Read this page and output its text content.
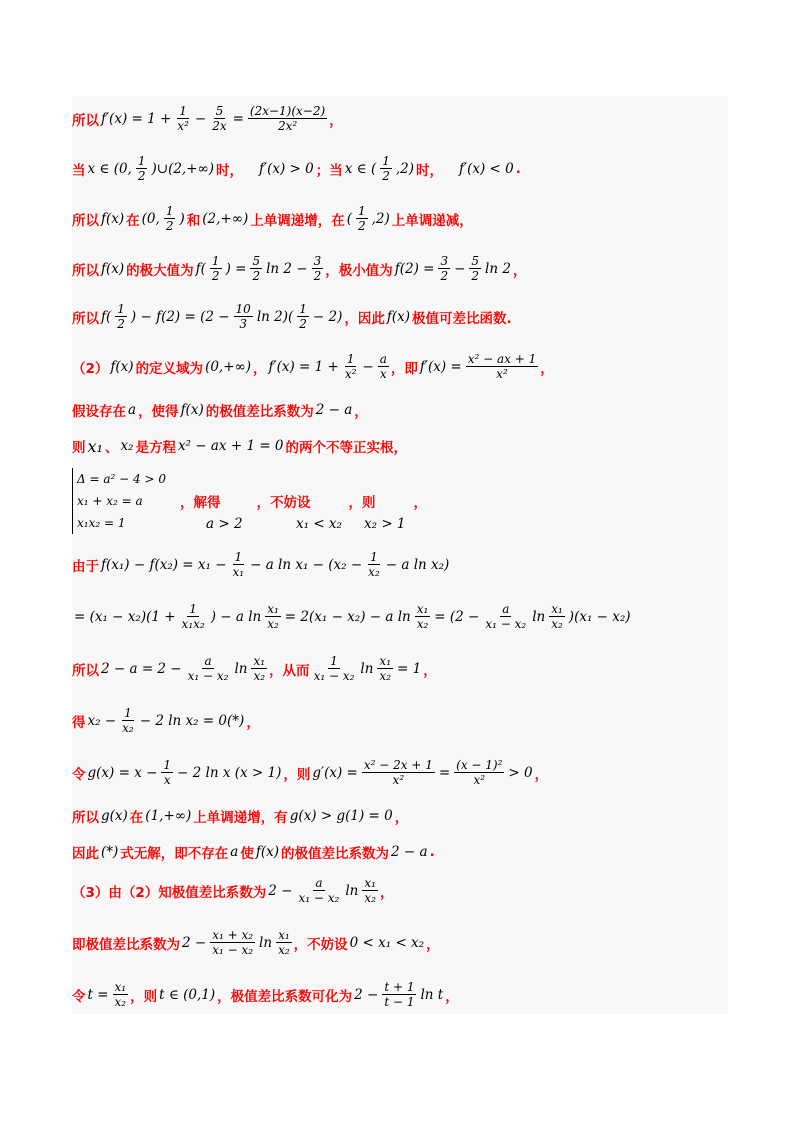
所以 $f'(x) = 1 + \frac{1}{\text{x²}} - \frac{5}{2x} = \frac{(2x-1)(x-2)}{\text{2x²}}$ ，
当 x ∈ (0, $\frac{1}{2}$ )∪(2,+∞) 时， f′(x) > 0 ；当 x ∈ ( $\frac{1}{2} ,2$) 时， f′(x) < 0 .
所以 f(x) 在 (0, $\frac{1}{2}$ ) 和 (2,+∞) 上单调递增，在 ( $\frac{1}{2} ,2$) 上单调递减，
所以 f(x) 的极大值为 $f( \frac{1}{2}$ ) = $\frac{5}{2}$ $\ln 2 - \frac{3}{2}$ ，极小值为 $f(2) = \frac{3}{2} - \frac{5}{2}$ ln 2 ，
所以 $f( \frac{1}{2}$ ) − $f(2) = (2 - \frac{10}{3}$ $\ln 2)( \frac{1}{2} - 2)$ ，因此 f(x) 极值可差比函数.
（2） f(x) 的定义域为 (0,+∞) ， $f'(x) = 1 + \frac{1}{\text{x²}} - \frac{a}{x}$ ，即 $f'(x) = \frac{\text{x² − ax + 1}}{\text{x²}}$ ，
假设存在 a ，使得 f(x) 的极值差比系数为 2 − a ，
则 x₁ 、 x₂ 是方程 x² − ax + 1 = 0 的两个不等正实根，
Δ = a² − 4 > 0
x₁ + x₂ = a
x₁x₂ = 1
，解得	，不妨设	，则	，
a > 2	x₁ < x₂ x₂ > 1
由于 $f(x_1) - f(x_2) = x_1 - \frac{1}{\text{x₁}} - a$ $\ln x_1 - (x_2 - \frac{1}{\text{x₂}} - a$ ln x₂)
= $(x_1 - x_2)(1 + \frac{1}{\text{x₁x₂}}$ ) − a $\ln \frac{\text{x₁}}{\text{x₂}} = 2(x_1 - x_2) - a$ $\ln \frac{\text{x₁}}{\text{x₂}} = (2 - \frac{a}{\text{x₁ − x₂}}$ $\ln \frac{\text{x₁}}{\text{x₂}} )(x_1 - x_2)$
所以 $2 - a = 2 - \frac{a}{\text{x₁ − x₂}}$ $\ln \frac{\text{x₁}}{\text{x₂}}$ ，从而 $\frac{1}{\text{x₁ − x₂}}$ $\ln \frac{\text{x₁}}{\text{x₂}} = 1$ ，
得 $x_2 - \frac{1}{\text{x₂}} - 2$ ln x₂ = 0(*) ，
令 $g(x) = x - \frac{1}{x} - 2$ ln x (x > 1) ，则 $g'(x) = \frac{\text{x² − 2x + 1}}{\text{x²}} = \frac{\text{(x − 1)²}}{\text{x²}} > 0$ ，
所以 g(x) 在 (1,+∞) 上单调递增，有 g(x) > g(1) = 0 ，
因此 (*) 式无解，即不存在 a 使 f(x) 的极值差比系数为 2 − a .
（3）由（2）知极值差比系数为 $2 - \frac{a}{\text{x₁ − x₂}}$ $\ln \frac{\text{x₁}}{\text{x₂}}$ ，
即极值差比系数为 $2 - \frac{\text{x₁ + x₂}}{\text{x₁ − x₂}}$ $\ln \frac{\text{x₁}}{\text{x₂}}$ ，不妨设 0 < x₁ < x₂ ，
令 $t = \frac{\text{x₁}}{\text{x₂}}$ ，则 t ∈ (0,1) ，极值差比系数可化为 $2 - \frac{t + 1}{t - 1}$ ln t ，
